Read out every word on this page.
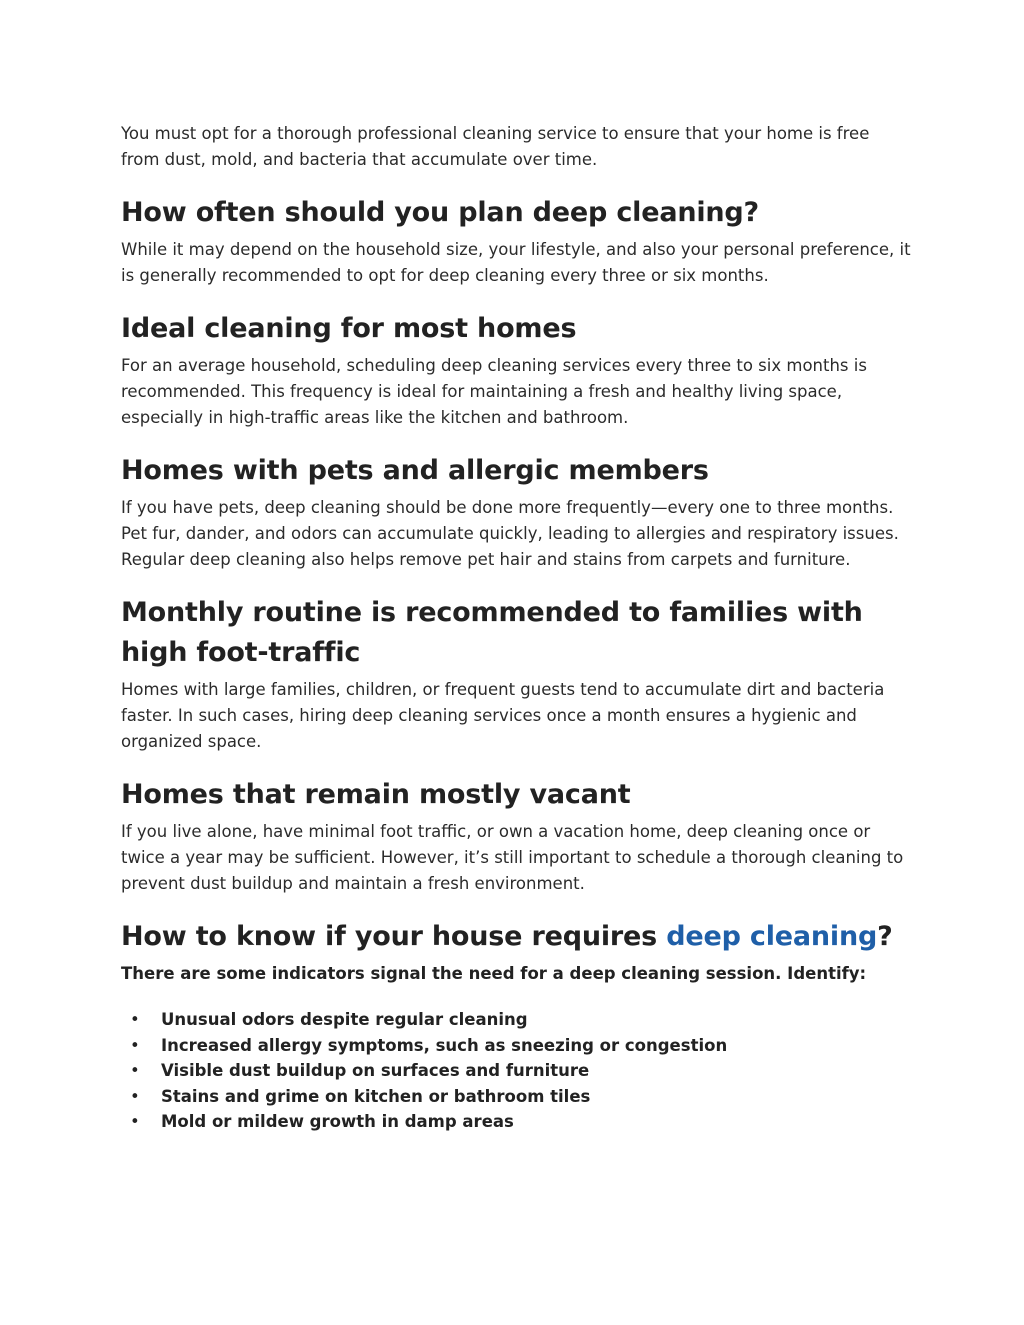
You must opt for a thorough professional cleaning service to ensure that your home is free from dust, mold, and bacteria that accumulate over time.

How often should you plan deep cleaning?

While it may depend on the household size, your lifestyle, and also your personal preference, it is generally recommended to opt for deep cleaning every three or six months.

Ideal cleaning for most homes

For an average household, scheduling deep cleaning services every three to six months is recommended. This frequency is ideal for maintaining a fresh and healthy living space, especially in high-traffic areas like the kitchen and bathroom.

Homes with pets and allergic members

If you have pets, deep cleaning should be done more frequently—every one to three months. Pet fur, dander, and odors can accumulate quickly, leading to allergies and respiratory issues. Regular deep cleaning also helps remove pet hair and stains from carpets and furniture.

Monthly routine is recommended to families with high foot-traffic

Homes with large families, children, or frequent guests tend to accumulate dirt and bacteria faster. In such cases, hiring deep cleaning services once a month ensures a hygienic and organized space.

Homes that remain mostly vacant

If you live alone, have minimal foot traffic, or own a vacation home, deep cleaning once or twice a year may be sufficient. However, it’s still important to schedule a thorough cleaning to prevent dust buildup and maintain a fresh environment.

How to know if your house requires deep cleaning?

There are some indicators signal the need for a deep cleaning session. Identify:

• Unusual odors despite regular cleaning
• Increased allergy symptoms, such as sneezing or congestion
• Visible dust buildup on surfaces and furniture
• Stains and grime on kitchen or bathroom tiles
• Mold or mildew growth in damp areas
